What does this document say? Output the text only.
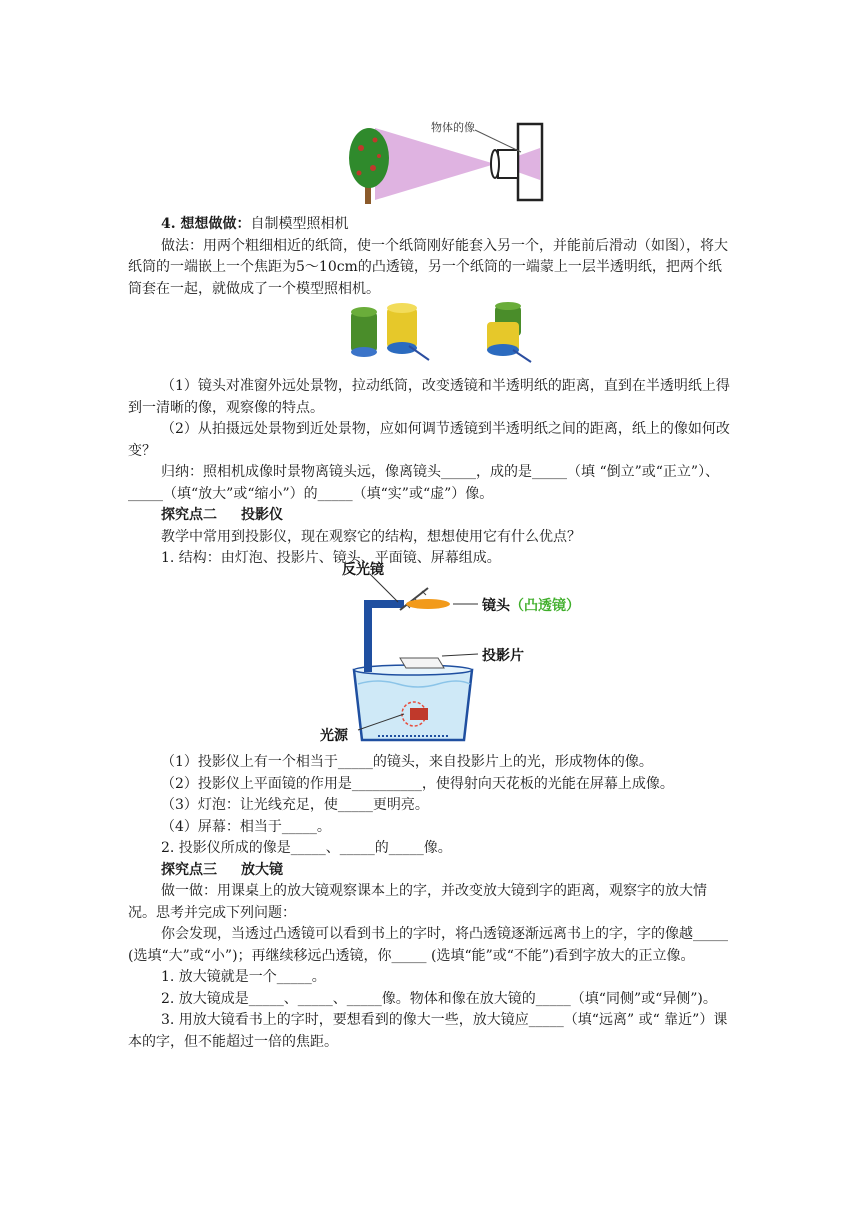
物体的像

4. 想想做做：自制模型照相机

做法：用两个粗细相近的纸筒，使一个纸筒刚好能套入另一个，并能前后滑动（如图），将大纸筒的一端嵌上一个焦距为5～10cm的凸透镜，另一个纸筒的一端蒙上一层半透明纸，把两个纸筒套在一起，就做成了一个模型照相机。

（1）镜头对准窗外远处景物，拉动纸筒，改变透镜和半透明纸的距离，直到在半透明纸上得到一清晰的像，观察像的特点。

（2）从拍摄远处景物到近处景物，应如何调节透镜到半透明纸之间的距离，纸上的像如何改变？

归纳：照相机成像时景物离镜头远，像离镜头_____，成的是_____（填 “倒立”或“正立”）、_____（填“放大”或“缩小”）的_____（填“实”或“虚”）像。

探究点二 投影仪

教学中常用到投影仪，现在观察它的结构，想想使用它有什么优点？

1. 结构：由灯泡、投影片、镜头、平面镜、屏幕组成。

反光镜
镜头（凸透镜）
投影片
光源

（1）投影仪上有一个相当于_____的镜头，来自投影片上的光，形成物体的像。

（2）投影仪上平面镜的作用是__________，使得射向天花板的光能在屏幕上成像。

（3）灯泡：让光线充足，使_____更明亮。

（4）屏幕：相当于_____。

2. 投影仪所成的像是_____、_____的_____像。

探究点三 放大镜

做一做：用课桌上的放大镜观察课本上的字，并改变放大镜到字的距离，观察字的放大情况。思考并完成下列问题：

你会发现，当透过凸透镜可以看到书上的字时，将凸透镜逐渐远离书上的字，字的像越_____ (选填“大”或“小”)；再继续移远凸透镜，你_____ (选填“能”或“不能”)看到字放大的正立像。

1. 放大镜就是一个_____。

2. 放大镜成是_____、_____、_____像。物体和像在放大镜的_____（填“同侧”或“异侧”)。

3. 用放大镜看书上的字时，要想看到的像大一些，放大镜应_____（填“远离” 或“ 靠近”）课本的字，但不能超过一倍的焦距。
